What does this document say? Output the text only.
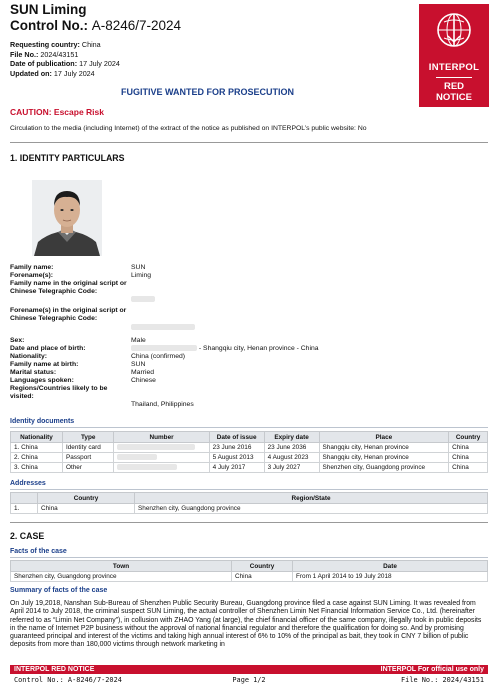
SUN Liming
Control No.: A-8246/7-2024
Requesting country: China
File No.: 2024/43151
Date of publication: 17 July 2024
Updated on: 17 July 2024
INTERPOL
RED
NOTICE
FUGITIVE WANTED FOR PROSECUTION
CAUTION: Escape Risk
Circulation to the media (including Internet) of the extract of the notice as published on INTERPOL’s public website: No
1. IDENTITY PARTICULARS
Family name:	SUN
Forename(s):	Liming
Family name in the original script or Chinese Telegraphic Code:
Forename(s) in the original script or Chinese Telegraphic Code:
Sex:	Male
Date and place of birth:	- Shangqiu city, Henan province - China
Nationality:	China (confirmed)
Family name at birth:	SUN
Marital status:	Married
Languages spoken:	Chinese
Regions/Countries likely to be visited:
Thailand, Philippines
Identity documents
Nationality	Type	Number	Date of issue	Expiry date	Place	Country
1. China	Identity card		23 June 2016	23 June 2036	Shangqiu city, Henan province	China
2. China	Passport		5 August 2013	4 August 2023	Shangqiu city, Henan province	China
3. China	Other		4 July 2017	3 July 2027	Shenzhen city, Guangdong province	China
Addresses
	Country	Region/State
1.	China	Shenzhen city, Guangdong province
2. CASE
Facts of the case
Town	Country	Date
Shenzhen city, Guangdong province	China	From 1 April 2014 to 19 July 2018
Summary of facts of the case

On July 19,2018, Nanshan Sub-Bureau of Shenzhen Public Security Bureau, Guangdong province filed a case against SUN Liming. It was revealed from April 2014 to July 2018, the criminal suspect SUN Liming, the actual controller of Shenzhen Limin Net Financial Information Service Co., Ltd. (hereinafter referred to as “Limin Net Company”), in collusion with ZHAO Yang (at large), the chief financial officer of the same company, illegally took in public deposits in the name of Internet P2P business without the approval of national financial regulator and therefore the qualification for doing so. And by promising guaranteed principal and interest of the victims and taking high annual interest of 6% to 10% of the principal as bait, they took in CNY 7 billion of public deposits from more than 180,000 victims through network marketing in

INTERPOL RED NOTICE	INTERPOL For official use only
Control No.: A-8246/7-2024	Page 1/2	File No.: 2024/43151
